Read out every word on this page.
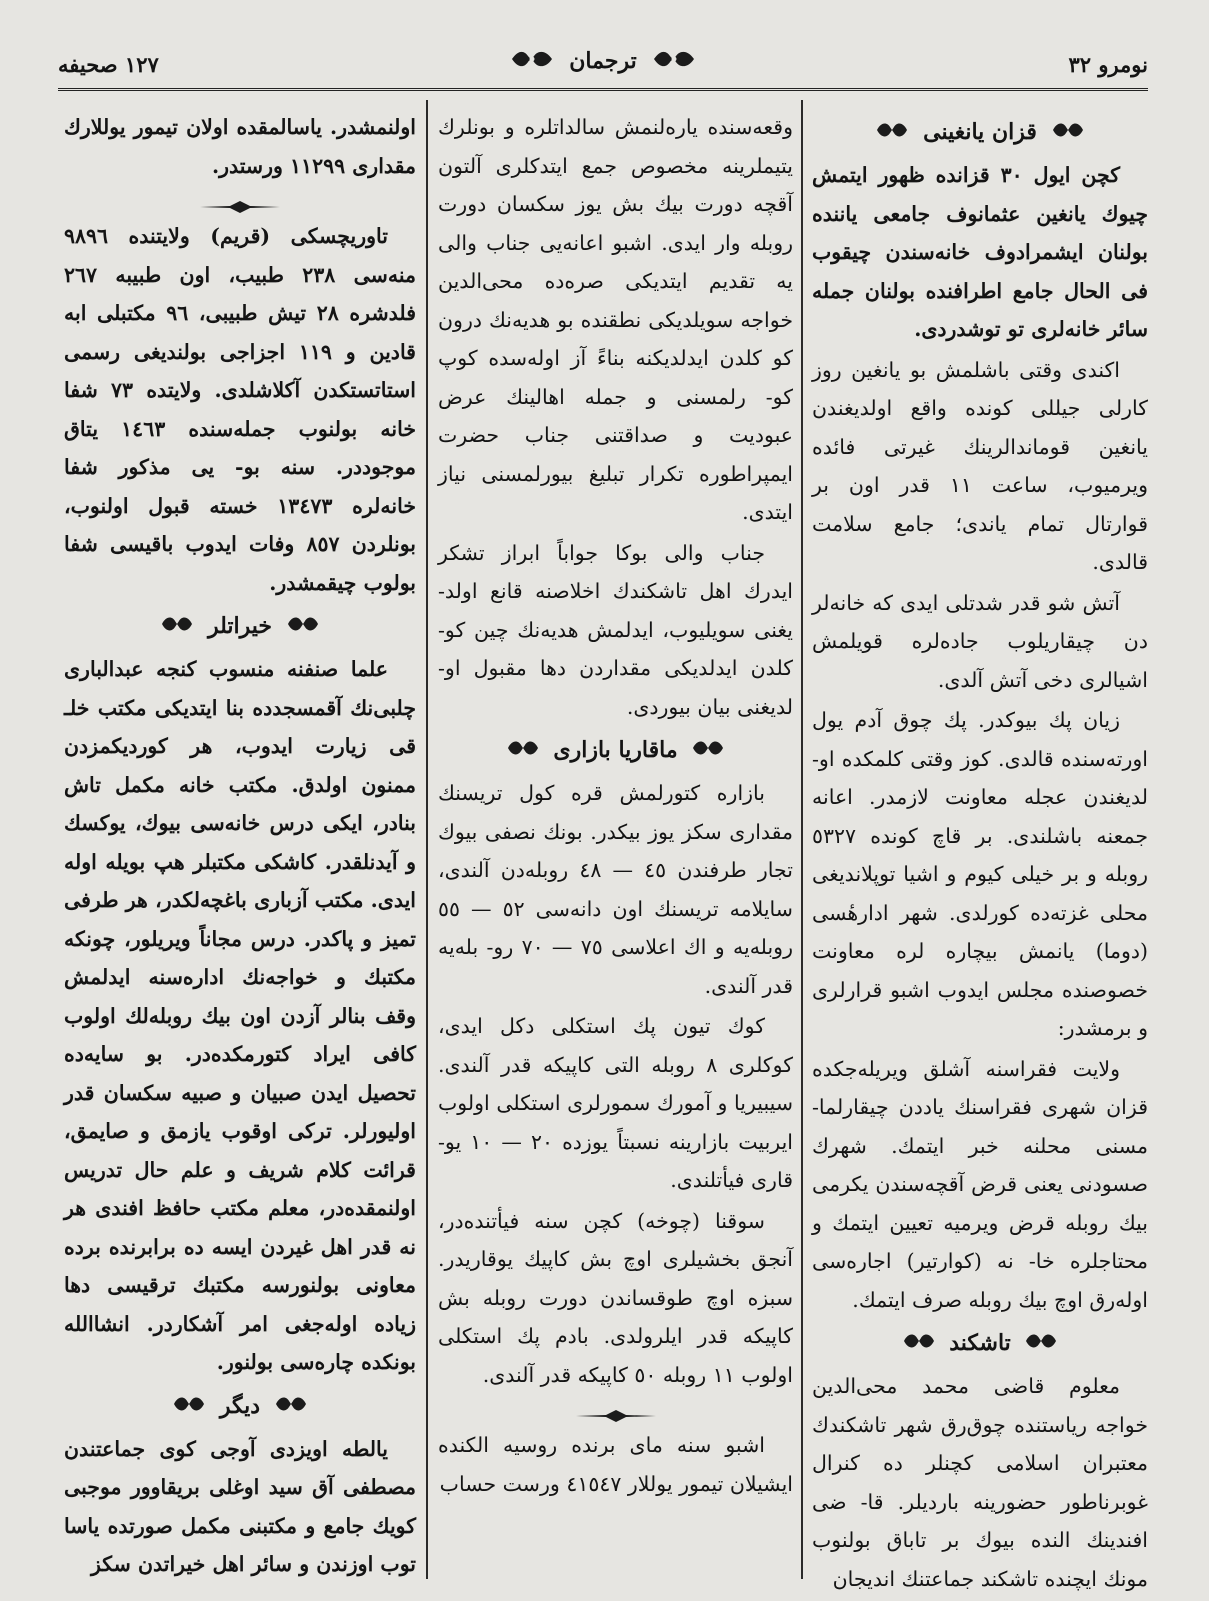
نومرو ٣٢
ترجمان
١٢٧ صحيفه
قزان یانغینی

کچن ایول ٣٠ قزانده ظهور ایتمش چیوك یانغین عثمانوف جامعی یاننده بولنان ایشمرادوف خانه‌سندن چیقوب فی الحال جامع اطرافنده بولنان جمله سائر خانه‌لری تو توشدردی.

اکندی وقتی باشلمش بو یانغین روز کارلی جیللی کونده واقع اولدیغندن یانغین قوماندالرینك غیرتی فائده ویرمیوب، ساعت ١١ قدر اون بر قوارتال تمام یاندی؛ جامع سلامت قالدی.

آتش شو قدر شدتلی ایدی که خانه‌لر دن چیقاریلوب جاده‌لره قویلمش اشیالری دخی آتش آلدی.

زیان پك بیوکدر. پك چوق آدم یول اورته‌سنده قالدی. کوز وقتی کلمکده او- لدیغندن عجله معاونت لازمدر. اعانه جمعنه باشلندی. بر قاچ کونده ٥٣٢٧ روبله و بر خیلی کیوم و اشیا توپلاندیغی محلی غزته‌ده کورلدی. شهر ادارهٔسی (دوما) یانمش بیچاره لره معاونت خصوصنده مجلس ایدوب اشبو قرارلری و برمشدر:

ولایت فقراسنه آشلق ویریله‌جکده قزان شهری فقراسنك یاددن چیقارلما- مسنی محلنه خبر ایتمك. شهرك صسودنی یعنی قرض آقچه‌سندن یکرمی بیك روبله قرض ویرمیه تعیین ایتمك و محتاجلره خا- نه (کوارتیر) اجاره‌سی اوله‌رق اوچ بیك روبله صرف ایتمك.

تاشکند

معلوم قاضی محمد محی‌الدین خواجه ریاستنده چوق‌رق شهر تاشکندك معتبران اسلامی کچنلر ده کنرال غوبرناطور حضورینه باردیلر. قا- ضی افندینك النده بیوك بر تاباق بولنوب مونك ایچنده تاشکند جماعتنك اندیجان

وقعه‌سنده یاره‌لنمش سالداتلره و بونلرك یتیملرینه مخصوص جمع ایتدکلری آلتون آقچه دورت بیك بش یوز سکسان دورت روبله وار ایدی. اشبو اعانه‌یی جناب والی یه تقدیم ایتدیکی صره‌ده محی‌الدین خواجه سویلدیکی نطقنده بو هدیه‌نك درون کو کلدن ایدلدیکنه بناءً آز اوله‌سده کوپ کو- رلمسنی و جمله اهالینك عرض عبودیت و صداقتنی جناب حضرت ایمپراطوره تکرار تبلیغ بیورلمسنی نیاز ایتدی.

جناب والی بوکا جواباً ابراز تشکر ایدرك اهل تاشکندك اخلاصنه قانع اولد- یغنی سویلیوب، ایدلمش هدیه‌نك چین کو- کلدن ایدلدیکی مقداردن دها مقبول او- لدیغنی بیان بیوردی.

ماقاریا بازاری

بازاره کتورلمش قره کول تریسنك مقداری سکز یوز بیکدر. بونك نصفی بیوك تجار طرفندن ٤٥ — ٤٨ روبله‌دن آلندی، سایلامه تریسنك اون دانه‌سی ٥٢ — ٥٥ روبله‌یه و اك اعلاسی ٧٥ — ٧٠ رو- بله‌یه قدر آلندی.

کوك تیون پك استکلی دکل ایدی، کوکلری ٨ روبله التی کاپیکه قدر آلندی. سیبیریا و آمورك سمورلری استکلی اولوب ایربیت بازارینه نسبتاً یوزده ٢٠ — ١٠ یو- قاری فیأتلندی.

سوقنا (چوخه) کچن سنه فیأتنده‌در، آنجق بخشیلری اوچ بش کاپیك یوقاریدر. سبزه اوچ طوقساندن دورت روبله بش کاپیکه قدر ایلرولدی. بادم پك استکلی اولوب ١١ روبله ٥٠ کاپیکه قدر آلندی.

اشبو سنه مای برنده روسیه الکنده ایشیلان تیمور یوللار ٤١٥٤٧ ورست حساب

اولنمشدر. یاسالمقده اولان تیمور یوللارك مقداری ١١٢٩٩ ورستدر.

تاوریچسکی (قریم) ولایتنده ٩٨٩٦ منه‌سی ٢٣٨ طبیب، اون طبیبه ٢٦٧ فلدشره ٢٨ تیش طبیبی، ٩٦ مکتبلی ابه قادین و ١١٩ اجزاجی بولندیغی رسمی استاتستکدن آکلاشلدی. ولایتده ٧٣ شفا خانه بولنوب جمله‌سنده ١٤٦٣ یتاق موجوددر. سنه بو- یی مذکور شفا خانه‌لره ١٣٤٧٣ خسته قبول اولنوب، بونلردن ٨٥٧ وفات ایدوب باقیسی شفا بولوب چیقمشدر.

خیراتلر

علما صنفنه منسوب کنجه عبدالباری چلبی‌نك آقمسجدده بنا ایتدیکی مکتب خلـ قی زیارت ایدوب، هر کوردیکمزدن ممنون اولدق. مکتب خانه مکمل تاش بنادر، ایکی درس خانه‌سی بیوك، یوکسك و آیدنلقدر. کاشکی مکتبلر هپ بویله اوله ایدی. مکتب آزباری باغچه‌لکدر، هر طرفی تمیز و پاکدر. درس مجاناً ویریلور، چونکه مکتبك و خواجه‌نك اداره‌سنه ایدلمش وقف بنالر آزدن اون بیك روبله‌لك اولوب کافی ایراد کتورمکده‌در. بو سایه‌ده تحصیل ایدن صبیان و صبیه سکسان قدر اولیورلر. ترکی اوقوب یازمق و صایمق، قرائت کلام شریف و علم حال تدریس اولنمقده‌در، معلم مکتب حافظ افندی هر نه قدر اهل غیردن ایسه ده برابرنده برده معاونی بولنورسه مکتبك ترقیسی دها زیاده اوله‌جغی امر آشکاردر. انشاالله بونکده چاره‌سی بولنور.

دیگر

یالطه اویزدی آوجی کوی جماعتندن مصطفی آق سید اوغلی بریقاوور موجبی کویك جامع و مکتبنی مکمل صورتده یاسا توب اوزندن و سائر اهل خیراتدن سکز
